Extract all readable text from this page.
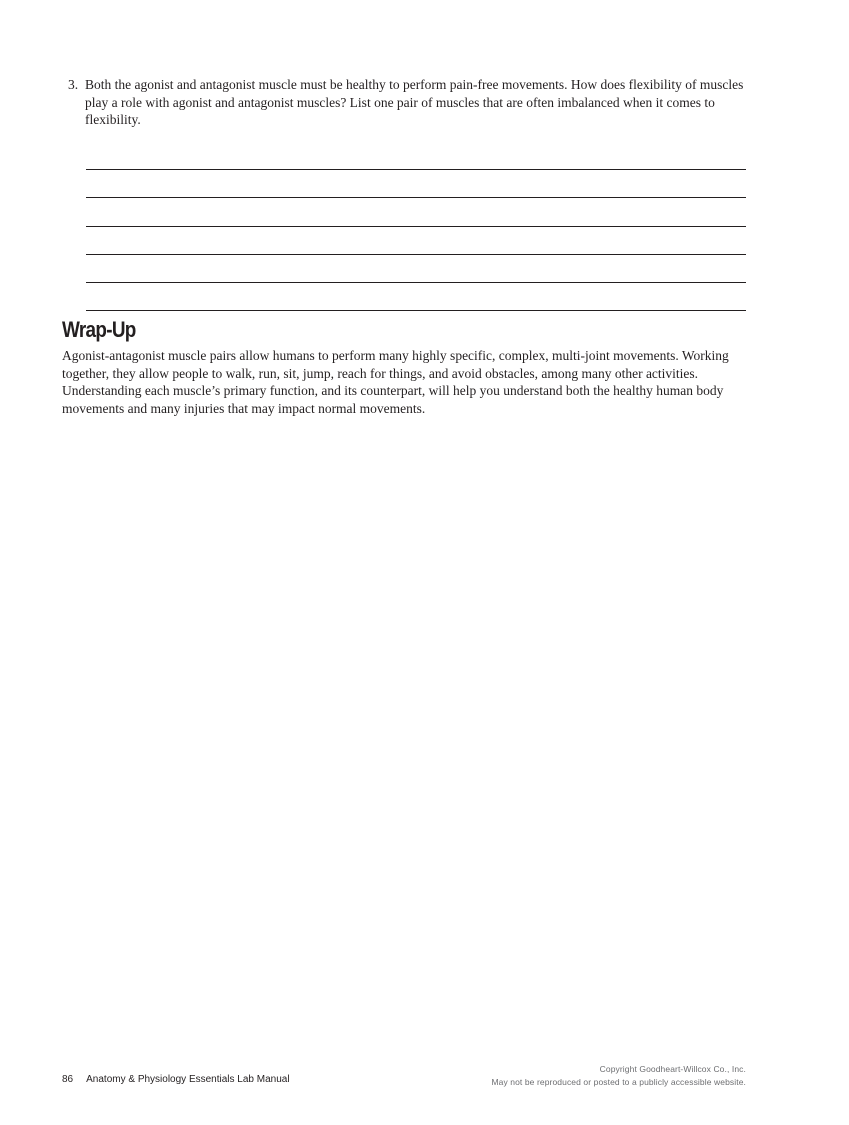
3. Both the agonist and antagonist muscle must be healthy to perform pain-free movements. How does flexibility of muscles play a role with agonist and antagonist muscles? List one pair of muscles that are often imbalanced when it comes to flexibility.
Wrap-Up

Agonist-antagonist muscle pairs allow humans to perform many highly specific, complex, multi-joint movements. Working together, they allow people to walk, run, sit, jump, reach for things, and avoid obstacles, among many other activities. Understanding each muscle’s primary function, and its counterpart, will help you understand both the healthy human body movements and many injuries that may impact normal movements.

86 Anatomy & Physiology Essentials Lab Manual
Copyright Goodheart-Willcox Co., Inc.
May not be reproduced or posted to a publicly accessible website.
